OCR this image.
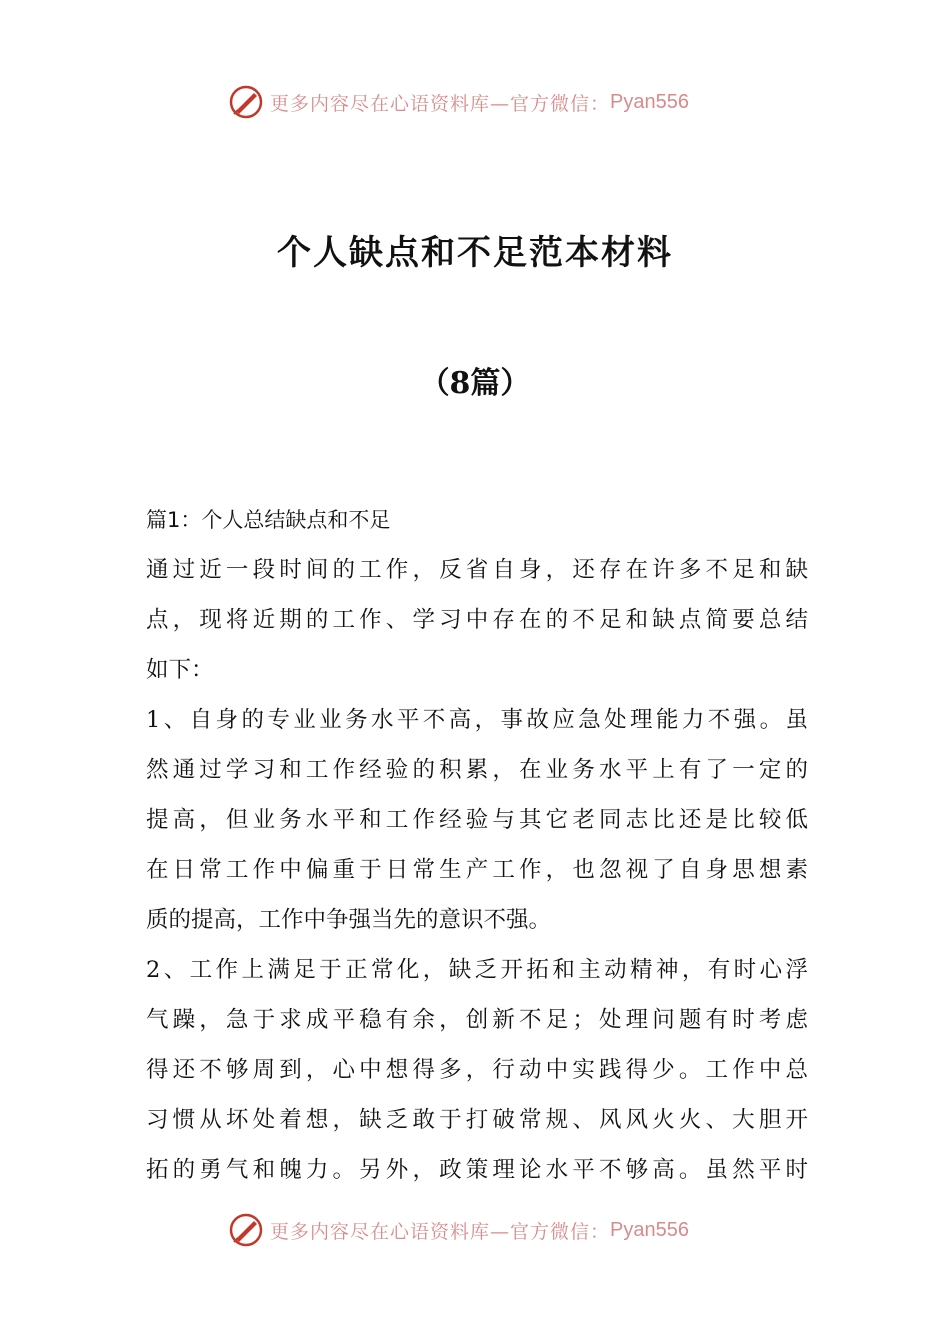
更多内容尽在心语资料库—官方微信： Pyan556
个人缺点和不足范本材料
（8篇）
篇1：个人总结缺点和不足
通过近一段时间的工作，反省自身，还存在许多不足和缺
点，现将近期的工作、学习中存在的不足和缺点简要总结
如下：
1、自身的专业业务水平不高，事故应急处理能力不强。虽
然通过学习和工作经验的积累，在业务水平上有了一定的
提高，但业务水平和工作经验与其它老同志比还是比较低
在日常工作中偏重于日常生产工作，也忽视了自身思想素
质的提高，工作中争强当先的意识不强。
2、工作上满足于正常化，缺乏开拓和主动精神，有时心浮
气躁，急于求成平稳有余，创新不足；处理问题有时考虑
得还不够周到，心中想得多，行动中实践得少。工作中总
习惯从坏处着想，缺乏敢于打破常规、风风火火、大胆开
拓的勇气和魄力。另外，政策理论水平不够高。虽然平时
更多内容尽在心语资料库—官方微信： Pyan556
